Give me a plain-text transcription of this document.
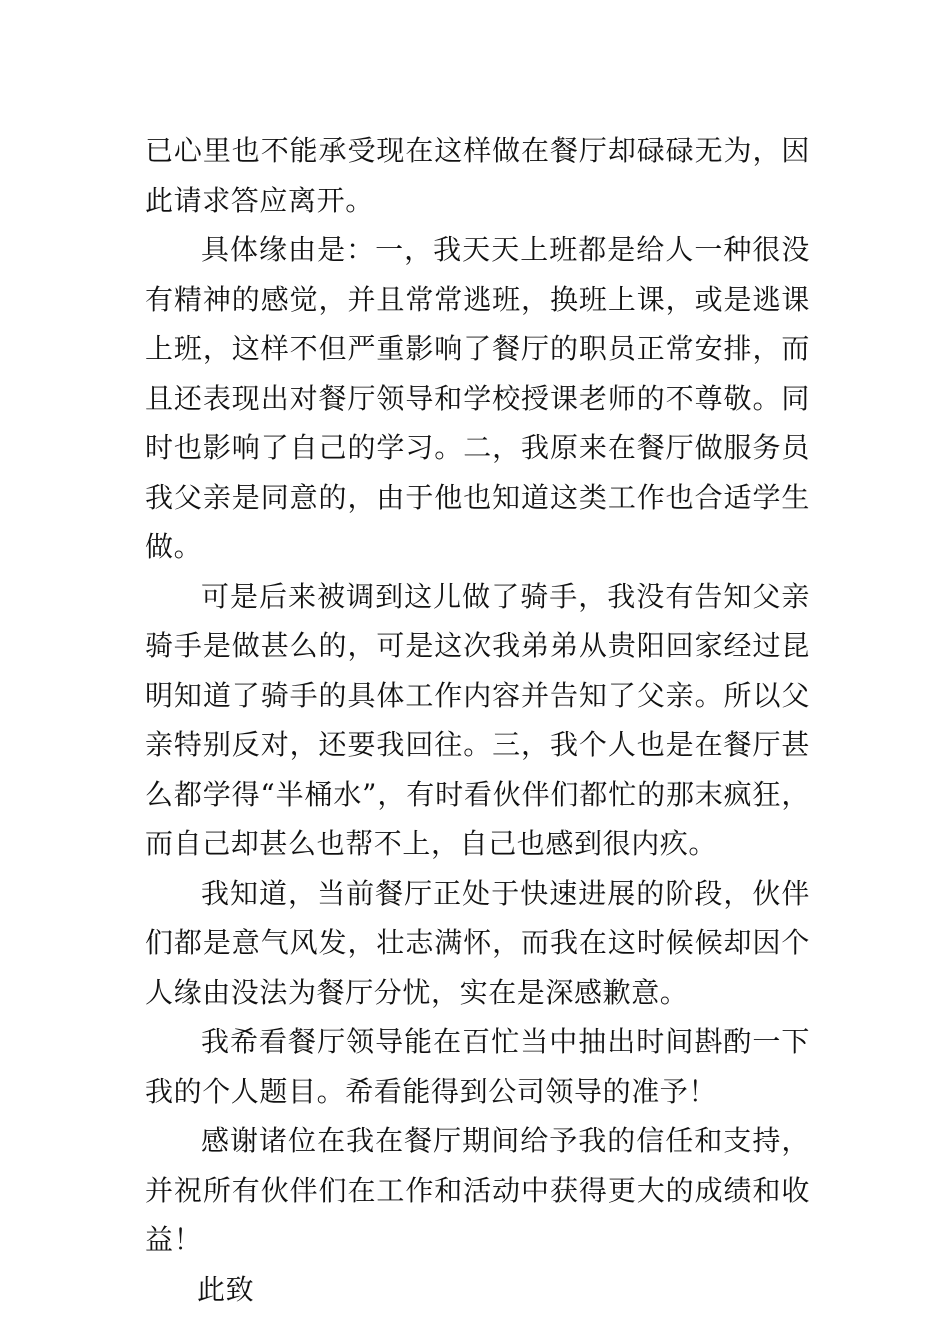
已心里也不能承受现在这样做在餐厅却碌碌无为，因此请求答应离开。

具体缘由是：一，我天天上班都是给人一种很没有精神的感觉，并且常常逃班，换班上课，或是逃课上班，这样不但严重影响了餐厅的职员正常安排，而且还表现出对餐厅领导和学校授课老师的不尊敬。同时也影响了自己的学习。二，我原来在餐厅做服务员我父亲是同意的，由于他也知道这类工作也合适学生做。

可是后来被调到这儿做了骑手，我没有告知父亲骑手是做甚么的，可是这次我弟弟从贵阳回家经过昆明知道了骑手的具体工作内容并告知了父亲。所以父亲特别反对，还要我回往。三，我个人也是在餐厅甚么都学得“半桶水”，有时看伙伴们都忙的那末疯狂，而自己却甚么也帮不上，自己也感到很内疚。

我知道，当前餐厅正处于快速进展的阶段，伙伴们都是意气风发，壮志满怀，而我在这时候候却因个人缘由没法为餐厅分忧，实在是深感歉意。

我希看餐厅领导能在百忙当中抽出时间斟酌一下我的个人题目。希看能得到公司领导的准予！

感谢诸位在我在餐厅期间给予我的信任和支持，并祝所有伙伴们在工作和活动中获得更大的成绩和收益！

此致
